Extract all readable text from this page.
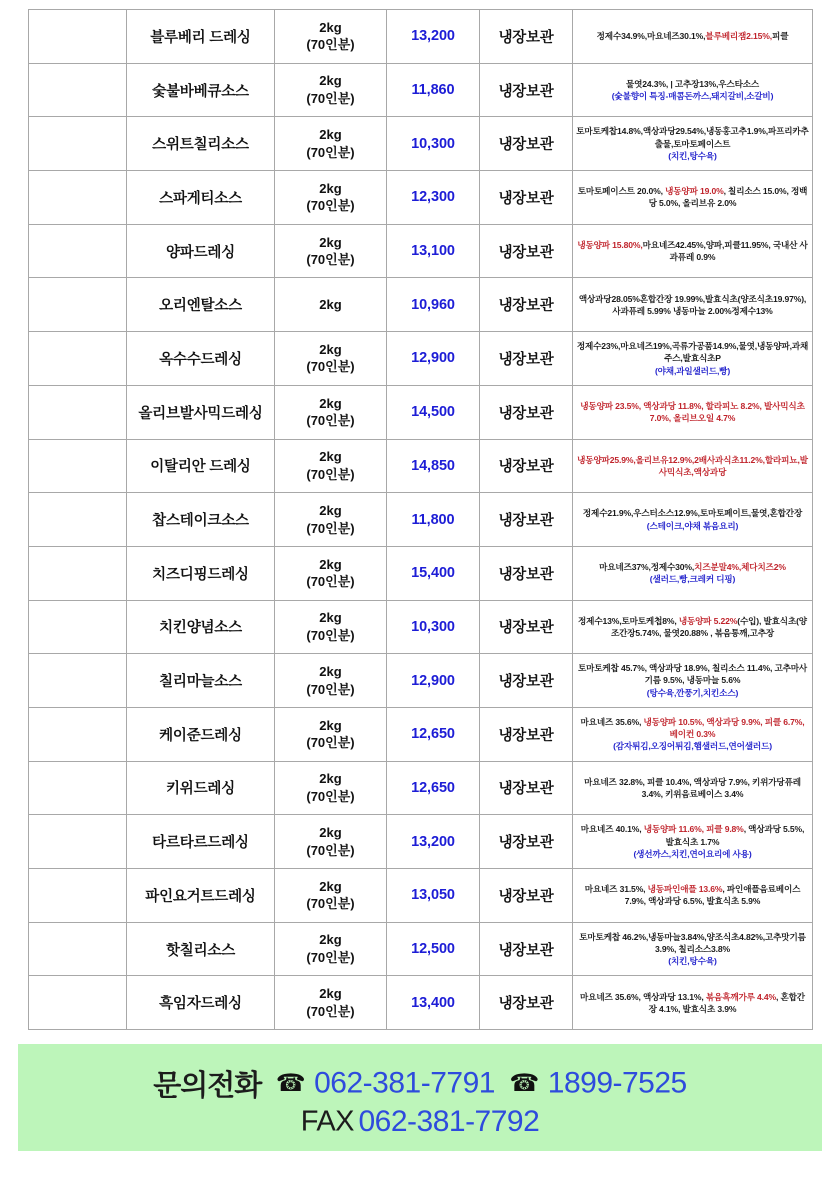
	블루베리 드레싱	2kg
(70인분)	13,200	냉장보관	정제수34.9%,마요네즈30.1%,블루베리잼2.15%,피클
	숯불바베큐소스	2kg
(70인분)	11,860	냉장보관	물엿24.3%, | 고추장13%,우스타소스
(숯불향이 특징-매콤돈까스,돼지갈비,소갈비)

	스위트칠리소스	2kg
(70인분)	10,300	냉장보관	토마토케찹14.8%,액상과당29.54%,냉동홍고추1.9%,파프리카추출물,토마토페이스트
(치킨,탕수육)

	스파게티소스	2kg
(70인분)	12,300	냉장보관	토마토페이스트 20.0%, 냉동양파 19.0%, 칠리소스 15.0%, 정백당 5.0%, 올리브유 2.0%
	양파드레싱	2kg
(70인분)	13,100	냉장보관	냉동양파 15.80%,마요네즈42.45%,양파,피클11.95%, 국내산 사과퓨레 0.9%
	오리엔탈소스	2kg	10,960	냉장보관	액상과당28.05%혼합간장 19.99%,발효식초(양조식초19.97%), 사과퓨레 5.99% 냉동마늘 2.00%정제수13%
	옥수수드레싱	2kg
(70인분)	12,900	냉장보관	정제수23%,마요네즈19%,곡류가공품14.9%,물엿,냉동양파,과채주스,발효식초P
(야채,과일샐러드,빵)

	올리브발사믹드레싱	2kg
(70인분)	14,500	냉장보관	냉동양파 23.5%, 액상과당 11.8%, 할라피노 8.2%, 발사믹식초 7.0%, 올리브오일 4.7%
	이탈리안 드레싱	2kg
(70인분)	14,850	냉장보관	냉동양파25.9%,올리브유12.9%,2배사과식초11.2%,할라피뇨,발사믹식초,액상과당
	찹스테이크소스	2kg
(70인분)	11,800	냉장보관	정제수21.9%,우스터소스12.9%,토마토페이트,물엿,혼합간장
(스테이크,야채 볶음요리)

	치즈디핑드레싱	2kg
(70인분)	15,400	냉장보관	마요네즈37%,정제수30%,치즈분말4%,체다치즈2%
(샐러드,빵,크레커 디핑)

	치킨양념소스	2kg
(70인분)	10,300	냉장보관	정제수13%,토마토케첩8%, 냉동양파 5.22%(수입), 발효식초(양조간장5.74%, 물엿20.88% , 볶음통깨,고추장
	칠리마늘소스	2kg
(70인분)	12,900	냉장보관	토마토케찹 45.7%, 액상과당 18.9%, 칠리소스 11.4%, 고추마사기름 9.5%, 냉동마늘 5.6%
(탕수육,깐풍기,치킨소스)

	케이준드레싱	2kg
(70인분)	12,650	냉장보관	마요네즈 35.6%, 냉동양파 10.5%, 액상과당 9.9%, 피클 6.7%, 베이컨 0.3%
(감자튀김,오징어튀김,햄샐러드,연어샐러드)

	키위드레싱	2kg
(70인분)	12,650	냉장보관	마요네즈 32.8%, 피클 10.4%, 액상과당 7.9%, 키위가당퓨레 3.4%, 키위음료베이스 3.4%
	타르타르드레싱	2kg
(70인분)	13,200	냉장보관	마요네즈 40.1%, 냉동양파 11.6%, 피클 9.8%, 액상과당 5.5%, 발효식초 1.7%
(생선까스,치킨,연어요리에 사용)

	파인요거트드레싱	2kg
(70인분)	13,050	냉장보관	마요네즈 31.5%, 냉동파인애플 13.6%, 파인애플음료베이스 7.9%, 액상과당 6.5%, 발효식초 5.9%
	핫칠리소스	2kg
(70인분)	12,500	냉장보관	토마토케찹 46.2%,냉동마늘3.84%,양조식초4.82%,고추맛기름3.9%, 칠리소스3.8%
(치킨,탕수육)

	흑임자드레싱	2kg
(70인분)	13,400	냉장보관	마요네즈 35.6%, 액상과당 13.1%, 볶음흑깨가루 4.4%, 혼합간장 4.1%, 발효식초 3.9%
문의전화 ☎ 062-381-7791 ☎ 1899-7525
FAX 062-381-7792
